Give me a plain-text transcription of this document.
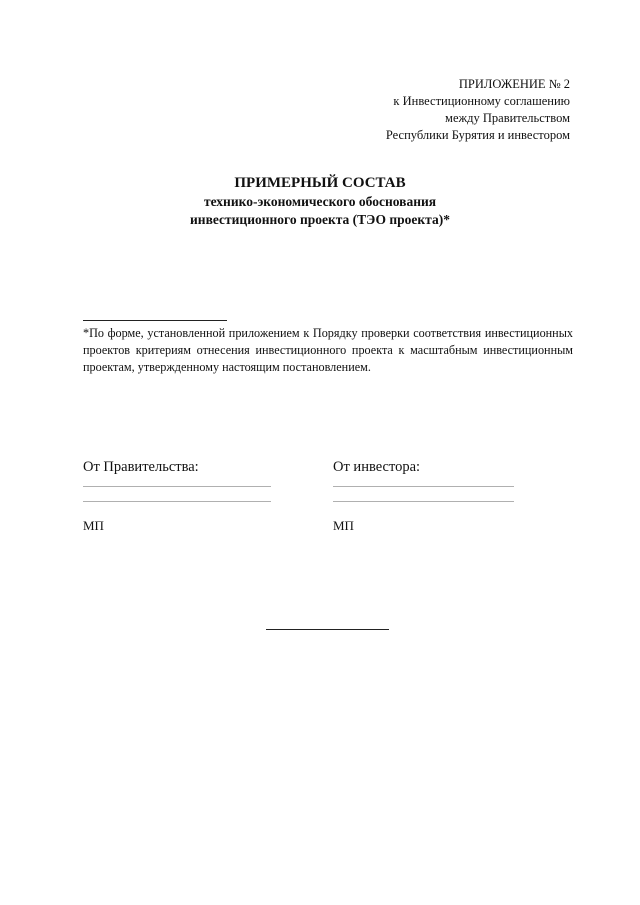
ПРИЛОЖЕНИЕ № 2
к Инвестиционному соглашению
между Правительством
Республики Бурятия и инвестором
ПРИМЕРНЫЙ СОСТАВ
технико-экономического обоснования
инвестиционного проекта (ТЭО проекта)*
*По форме, установленной приложением к Порядку проверки соответствия инвестиционных проектов критериям отнесения инвестиционного проекта к масштабным инвестиционным проектам, утвержденному настоящим постановлением.
От Правительства:	От инвестора:
МП	МП
